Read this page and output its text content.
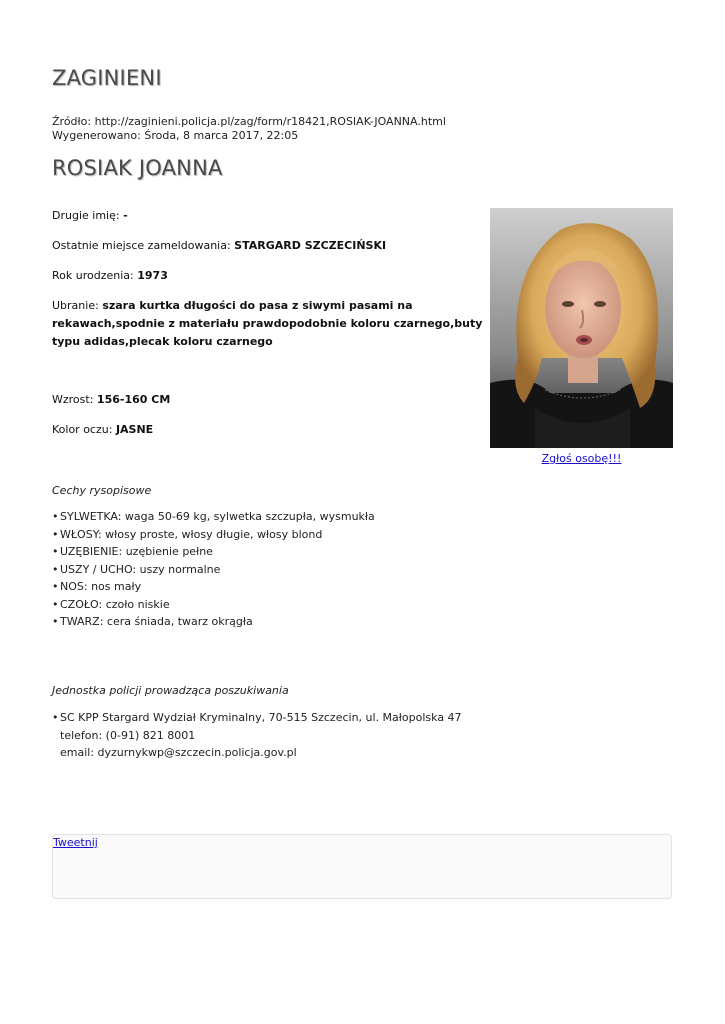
ZAGINIENI
Źródło: http://zaginieni.policja.pl/zag/form/r18421,ROSIAK-JOANNA.html
Wygenerowano: Środa, 8 marca 2017, 22:05
ROSIAK JOANNA
Drugie imię: -
Ostatnie miejsce zameldowania: STARGARD SZCZECIŃSKI
Rok urodzenia: 1973
Ubranie: szara kurtka długości do pasa z siwymi pasami na rekawach,spodnie z materiału prawdopodobnie koloru czarnego,buty typu adidas,plecak koloru czarnego
Wzrost: 156-160 CM
Kolor oczu: JASNE
Zgłoś osobę!!!
Cechy rysopisowe
• SYLWETKA: waga 50-69 kg, sylwetka szczupła, wysmukła
• WŁOSY: włosy proste, włosy długie, włosy blond
• UZĘBIENIE: uzębienie pełne
• USZY / UCHO: uszy normalne
• NOS: nos mały
• CZOŁO: czoło niskie
• TWARZ: cera śniada, twarz okrągła
Jednostka policji prowadząca poszukiwania
• SC KPP Stargard Wydział Kryminalny, 70-515 Szczecin, ul. Małopolska 47
telefon: (0-91) 821 8001
email: dyzurnykwp@szczecin.policja.gov.pl
Tweetnij
